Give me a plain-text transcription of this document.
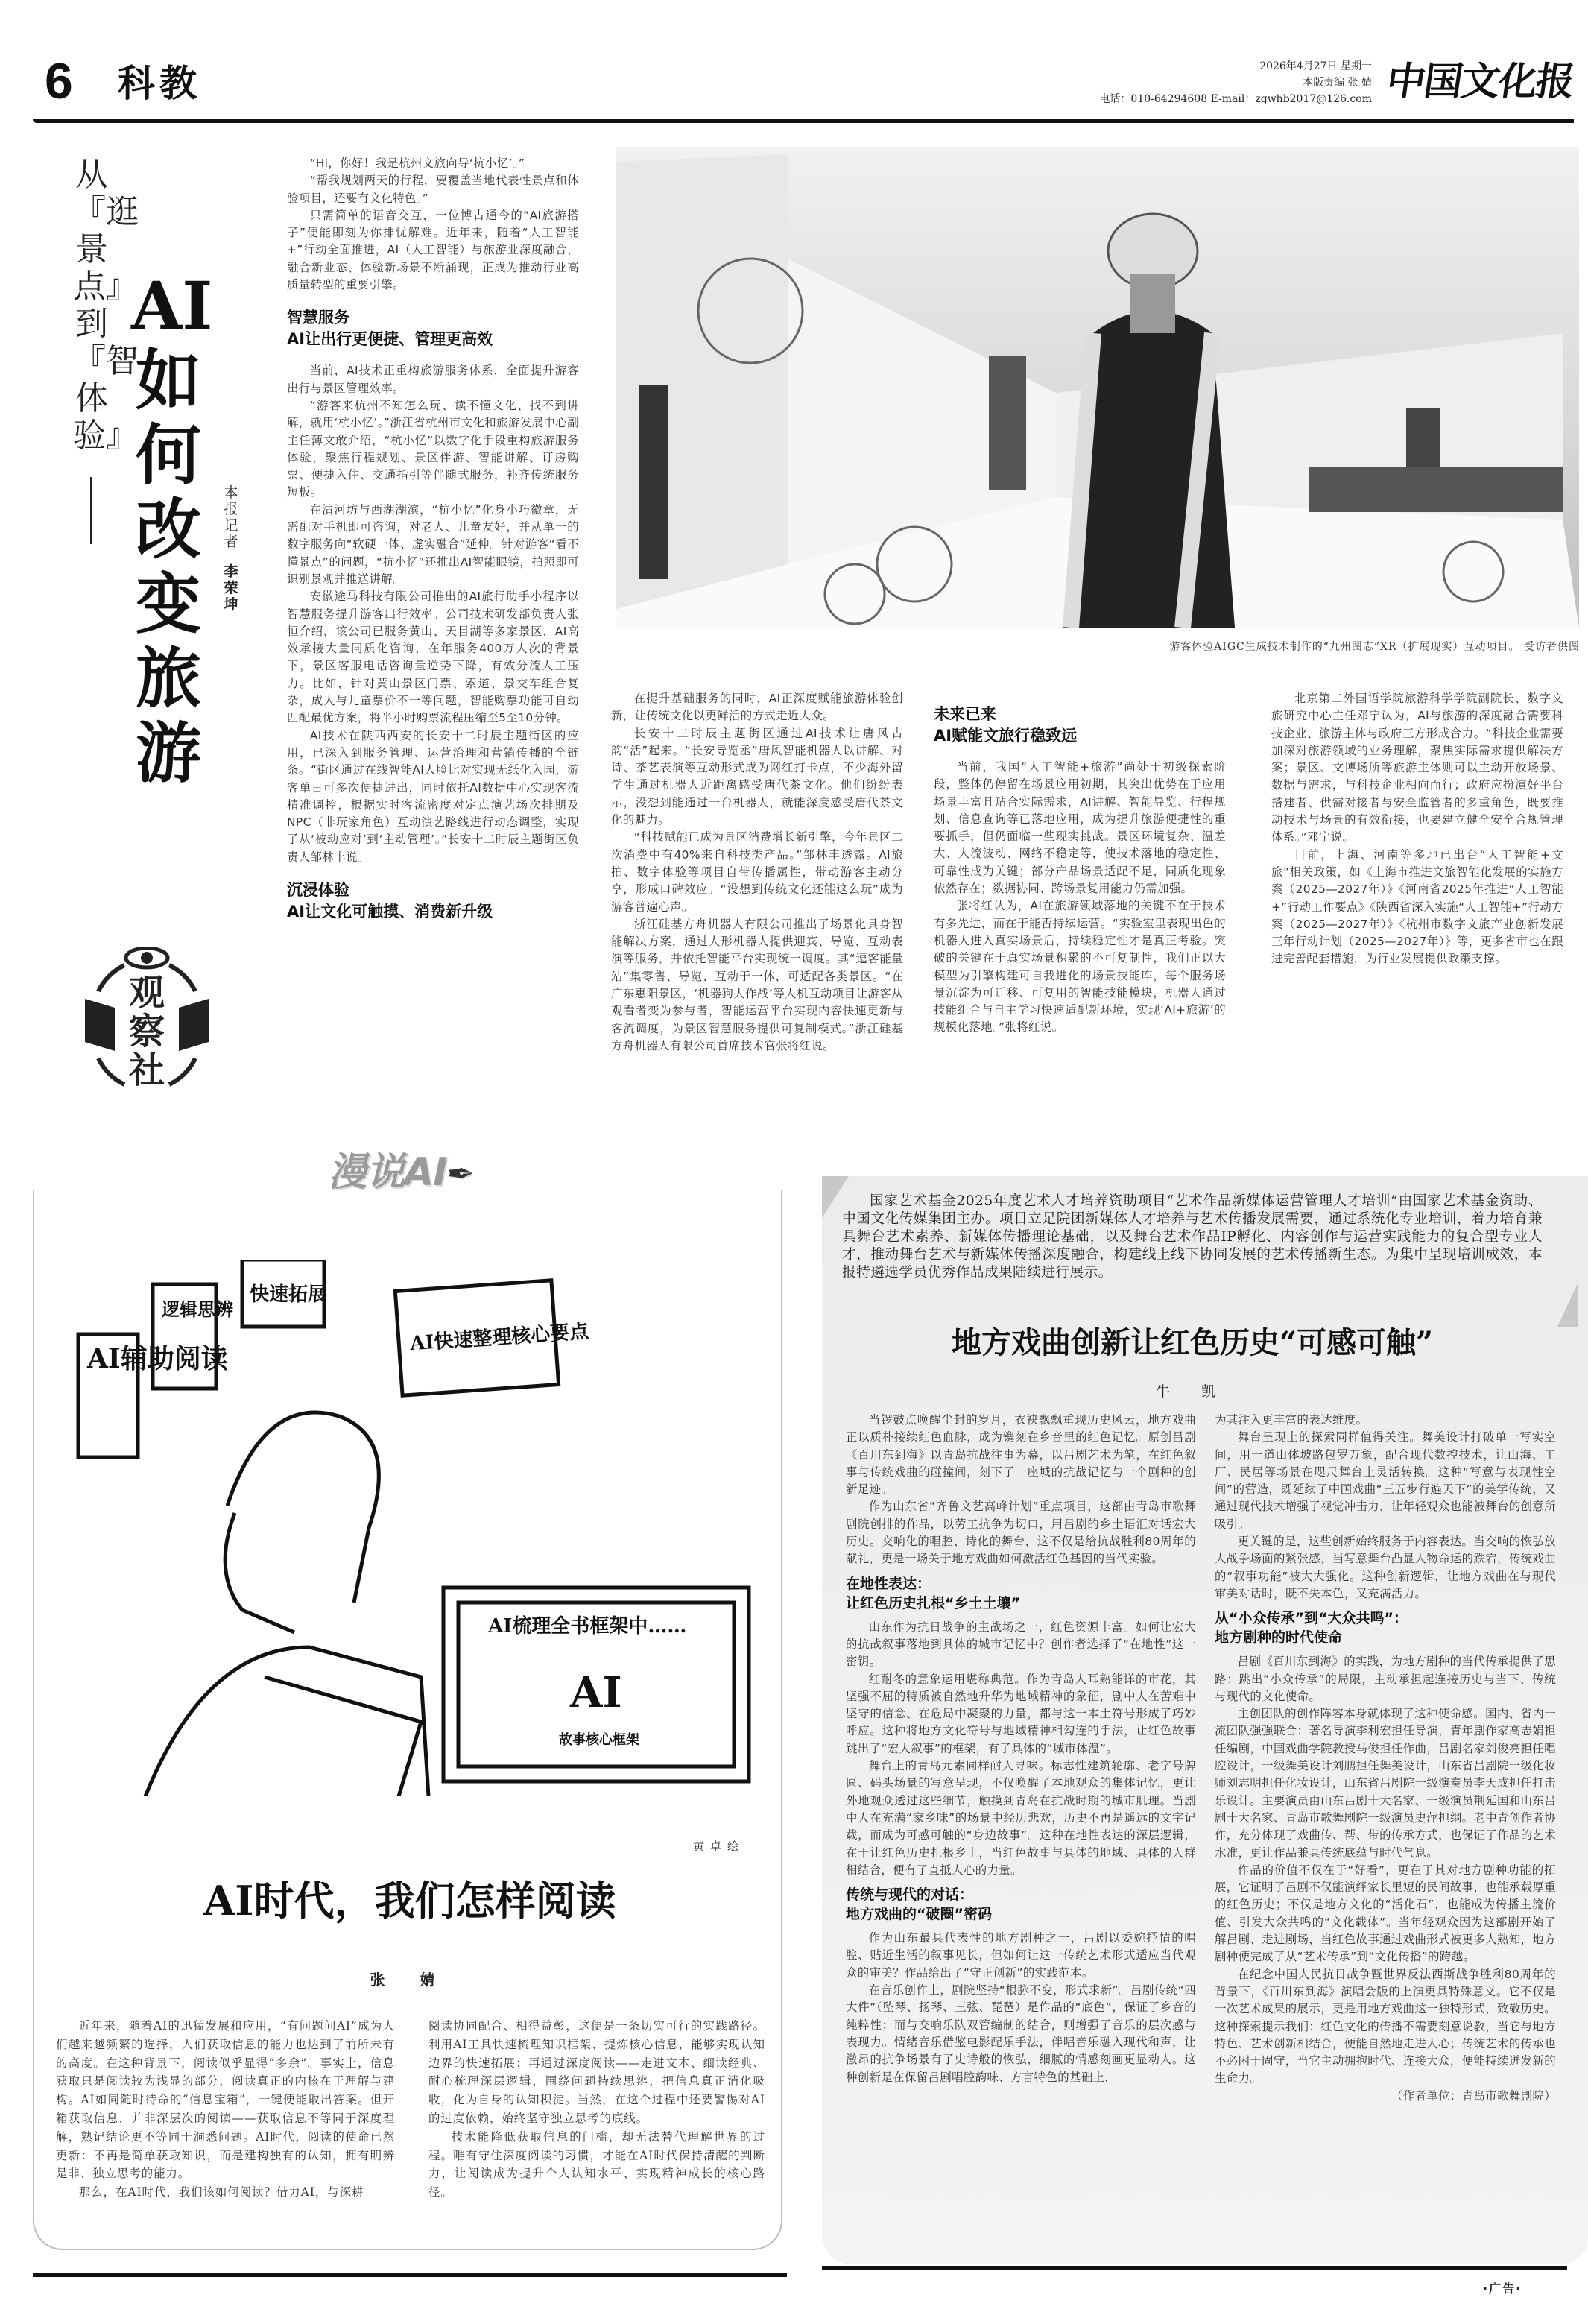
6 科教	2026年4月27日 星期一
本版责编 张 婧
电话：010-64294608 E-mail：zgwhb2017@126.com 中国文化报
从『逛景点』到『智体验』
AI如何改变旅游
本报记者
李荣坤
观察社

“Hi，你好！我是杭州文旅向导‘杭小忆’。”

“帮我规划两天的行程，要覆盖当地代表性景点和体验项目，还要有文化特色。”

只需简单的语音交互，一位博古通今的“AI旅游搭子”便能即刻为你排忧解难。近年来，随着“人工智能+”行动全面推进，AI（人工智能）与旅游业深度融合，融合新业态、体验新场景不断涌现，正成为推动行业高质量转型的重要引擎。

智慧服务
AI让出行更便捷、管理更高效

当前，AI技术正重构旅游服务体系，全面提升游客出行与景区管理效率。

“游客来杭州不知怎么玩、读不懂文化、找不到讲解，就用‘杭小忆’。”浙江省杭州市文化和旅游发展中心副主任薄文敢介绍，“杭小忆”以数字化手段重构旅游服务体验，聚焦行程规划、景区伴游、智能讲解、订房购票、便捷入住、交通指引等伴随式服务，补齐传统服务短板。

在清河坊与西湖湖滨，“杭小忆”化身小巧徽章，无需配对手机即可咨询，对老人、儿童友好，并从单一的数字服务向“软硬一体、虚实融合”延伸。针对游客“看不懂景点”的问题，“杭小忆”还推出AI智能眼镜，拍照即可识别景观并推送讲解。

安徽途马科技有限公司推出的AI旅行助手小程序以智慧服务提升游客出行效率。公司技术研发部负责人张恒介绍，该公司已服务黄山、天目湖等多家景区，AI高效承接大量同质化咨询，在年服务400万人次的背景下，景区客服电话咨询量逆势下降，有效分流人工压力。比如，针对黄山景区门票、索道、景交车组合复杂，成人与儿童票价不一等问题，智能购票功能可自动匹配最优方案，将半小时购票流程压缩至5至10分钟。

AI技术在陕西西安的长安十二时辰主题街区的应用，已深入到服务管理、运营治理和营销传播的全链条。“街区通过在线智能AI人脸比对实现无纸化入园，游客单日可多次便捷进出，同时依托AI数据中心实现客流精准调控，根据实时客流密度对定点演艺场次排期及NPC（非玩家角色）互动演艺路线进行动态调整，实现了从‘被动应对’到‘主动管理’。”长安十二时辰主题街区负责人邹林丰说。

沉浸体验
AI让文化可触摸、消费新升级
游客体验AIGC生成技术制作的“九州图志”XR（扩展现实）互动项目。 受访者供图

在提升基础服务的同时，AI正深度赋能旅游体验创新，让传统文化以更鲜活的方式走近大众。

长安十二时辰主题街区通过AI技术让唐风古韵“活”起来。“长安导览丞”唐风智能机器人以讲解、对诗、茶艺表演等互动形式成为网红打卡点，不少海外留学生通过机器人近距离感受唐代茶文化。他们纷纷表示，没想到能通过一台机器人，就能深度感受唐代茶文化的魅力。

“科技赋能已成为景区消费增长新引擎，今年景区二次消费中有40%来自科技类产品。”邹林丰透露。AI旅拍、数字体验等项目自带传播属性，带动游客主动分享，形成口碑效应。“没想到传统文化还能这么玩”成为游客普遍心声。

浙江硅基方舟机器人有限公司推出了场景化具身智能解决方案，通过人形机器人提供迎宾、导览、互动表演等服务，并依托智能平台实现统一调度。其“逗客能量站”集零售、导览、互动于一体，可适配各类景区。“在广东惠阳景区，‘机器狗大作战’等人机互动项目让游客从观看者变为参与者，智能运营平台实现内容快速更新与客流调度，为景区智慧服务提供可复制模式。”浙江硅基方舟机器人有限公司首席技术官张将红说。

未来已来
AI赋能文旅行稳致远

当前，我国“人工智能+旅游”尚处于初级探索阶段，整体仍停留在场景应用初期，其突出优势在于应用场景丰富且贴合实际需求，AI讲解、智能导览、行程规划、信息查询等已落地应用，成为提升旅游便捷性的重要抓手，但仍面临一些现实挑战。景区环境复杂、温差大、人流波动、网络不稳定等，使技术落地的稳定性、可靠性成为关键；部分产品场景适配不足，同质化现象依然存在；数据协同、跨场景复用能力仍需加强。

张将红认为，AI在旅游领域落地的关键不在于技术有多先进，而在于能否持续运营。“实验室里表现出色的机器人进入真实场景后，持续稳定性才是真正考验。突破的关键在于真实场景积累的不可复制性，我们正以大模型为引擎构建可自我进化的场景技能库，每个服务场景沉淀为可迁移、可复用的智能技能模块，机器人通过技能组合与自主学习快速适配新环境，实现‘AI+旅游’的规模化落地。”张将红说。

北京第二外国语学院旅游科学学院副院长、数字文旅研究中心主任邓宁认为，AI与旅游的深度融合需要科技企业、旅游主体与政府三方形成合力。“科技企业需要加深对旅游领域的业务理解，聚焦实际需求提供解决方案；景区、文博场所等旅游主体则可以主动开放场景、数据与需求，与科技企业相向而行；政府应扮演好平台搭建者、供需对接者与安全监管者的多重角色，既要推动技术与场景的有效衔接，也要建立健全安全合规管理体系。”邓宁说。

目前，上海、河南等多地已出台“人工智能+文旅”相关政策，如《上海市推进文旅智能化发展的实施方案（2025—2027年）》《河南省2025年推进“人工智能+”行动工作要点》《陕西省深入实施“人工智能+”行动方案（2025—2027年）》《杭州市数字文旅产业创新发展三年行动计划（2025—2027年）》等，更多省市也在跟进完善配套措施，为行业发展提供政策支撑。

漫说AI✒
AI辅助阅读
逻辑思辨
快速拓展
AI快速整理核心要点
AI梳理全书框架中……
AI
故事核心框架
黄卓绘
AI时代，我们怎样阅读
张 婧

近年来，随着AI的迅猛发展和应用，“有问题问AI”成为人们越来越频繁的选择，人们获取信息的能力也达到了前所未有的高度。在这种背景下，阅读似乎显得“多余”。事实上，信息获取只是阅读较为浅显的部分，阅读真正的内核在于理解与建构。AI如同随时待命的“信息宝箱”，一键便能取出答案。但开箱获取信息，并非深层次的阅读——获取信息不等同于深度理解，熟记结论更不等同于洞悉问题。AI时代，阅读的使命已然更新：不再是简单获取知识，而是建构独有的认知，拥有明辨是非、独立思考的能力。

那么，在AI时代，我们该如何阅读？借力AI，与深耕

阅读协同配合、相得益彰，这便是一条切实可行的实践路径。利用AI工具快速梳理知识框架、提炼核心信息，能够实现认知边界的快速拓展；再通过深度阅读——走进文本、细读经典、耐心梳理深层逻辑，围绕问题持续思辨，把信息真正消化吸收，化为自身的认知积淀。当然，在这个过程中还要警惕对AI的过度依赖，始终坚守独立思考的底线。

技术能降低获取信息的门槛，却无法替代理解世界的过程。唯有守住深度阅读的习惯，才能在AI时代保持清醒的判断力，让阅读成为提升个人认知水平、实现精神成长的核心路径。

国家艺术基金2025年度艺术人才培养资助项目“艺术作品新媒体运营管理人才培训”由国家艺术基金资助、中国文化传媒集团主办。项目立足院团新媒体人才培养与艺术传播发展需要，通过系统化专业培训，着力培育兼具舞台艺术素养、新媒体传播理论基础，以及舞台艺术作品IP孵化、内容创作与运营实践能力的复合型专业人才，推动舞台艺术与新媒体传播深度融合，构建线上线下协同发展的艺术传播新生态。为集中呈现培训成效，本报特遴选学员优秀作品成果陆续进行展示。

地方戏曲创新让红色历史“可感可触”
牛 凯

当锣鼓点唤醒尘封的岁月，衣袂飘飘重现历史风云，地方戏曲正以质朴接续红色血脉，成为镌刻在乡音里的红色记忆。原创吕剧《百川东到海》以青岛抗战往事为幕，以吕剧艺术为笔，在红色叙事与传统戏曲的碰撞间，刻下了一座城的抗战记忆与一个剧种的创新足迹。

作为山东省“齐鲁文艺高峰计划”重点项目，这部由青岛市歌舞剧院创排的作品，以劳工抗争为切口，用吕剧的乡土语汇对话宏大历史。交响化的唱腔、诗化的舞台，这不仅是给抗战胜利80周年的献礼，更是一场关于地方戏曲如何激活红色基因的当代实验。

在地性表达：
让红色历史扎根“乡土土壤”

山东作为抗日战争的主战场之一，红色资源丰富。如何让宏大的抗战叙事落地到具体的城市记忆中？创作者选择了“在地性”这一密钥。

红耐冬的意象运用堪称典范。作为青岛人耳熟能详的市花，其坚强不屈的特质被自然地升华为地域精神的象征，剧中人在苦难中坚守的信念、在危局中凝聚的力量，都与这一本土符号形成了巧妙呼应。这种将地方文化符号与地域精神相勾连的手法，让红色故事跳出了“宏大叙事”的框架，有了具体的“城市体温”。

舞台上的青岛元素同样耐人寻味。标志性建筑轮廓、老字号牌匾、码头场景的写意呈现，不仅唤醒了本地观众的集体记忆，更让外地观众透过这些细节，触摸到青岛在抗战时期的城市肌理。当剧中人在充满“家乡味”的场景中经历悲欢，历史不再是遥远的文字记载，而成为可感可触的“身边故事”。这种在地性表达的深层逻辑，在于让红色历史扎根乡土，当红色故事与具体的地域、具体的人群相结合，便有了直抵人心的力量。

传统与现代的对话：
地方戏曲的“破圈”密码

作为山东最具代表性的地方剧种之一，吕剧以委婉抒情的唱腔、贴近生活的叙事见长，但如何让这一传统艺术形式适应当代观众的审美？作品给出了“守正创新”的实践范本。

在音乐创作上，剧院坚持“根脉不变，形式求新”。吕剧传统“四大件”（坠琴、扬琴、三弦、琵琶）是作品的“底色”，保证了乡音的纯粹性；而与交响乐队双管编制的结合，则增强了音乐的层次感与表现力。情绪音乐借鉴电影配乐手法，伴唱音乐融入现代和声，让激昂的抗争场景有了史诗般的恢弘，细腻的情感刻画更显动人。这种创新是在保留吕剧唱腔韵味、方言特色的基础上，

为其注入更丰富的表达维度。

舞台呈现上的探索同样值得关注。舞美设计打破单一写实空间，用一道山体坡路包罗万象，配合现代数控技术，让山海、工厂、民居等场景在咫尺舞台上灵活转换。这种“写意与表现性空间”的营造，既延续了中国戏曲“三五步行遍天下”的美学传统，又通过现代技术增强了视觉冲击力，让年轻观众也能被舞台的创意所吸引。

更关键的是，这些创新始终服务于内容表达。当交响的恢弘放大战争场面的紧张感，当写意舞台凸显人物命运的跌宕，传统戏曲的“叙事功能”被大大强化。这种创新逻辑，让地方戏曲在与现代审美对话时，既不失本色，又充满活力。

从“小众传承”到“大众共鸣”：
地方剧种的时代使命

吕剧《百川东到海》的实践，为地方剧种的当代传承提供了思路：跳出“小众传承”的局限，主动承担起连接历史与当下、传统与现代的文化使命。

主创团队的创作阵容本身就体现了这种使命感。国内、省内一流团队强强联合：著名导演李利宏担任导演，青年剧作家高志娟担任编剧，中国戏曲学院教授马俊担任作曲，吕剧名家刘俊亮担任唱腔设计，一级舞美设计刘鹏担任舞美设计，山东省吕剧院一级化妆师刘志明担任化妆设计，山东省吕剧院一级演奏员李天成担任打击乐设计。主要演员由山东吕剧十大名家、一级演员荆延国和山东吕剧十大名家、青岛市歌舞剧院一级演员史萍担纲。老中青创作者协作，充分体现了戏曲传、帮、带的传承方式，也保证了作品的艺术水准，更让作品兼具传统底蕴与时代气息。

作品的价值不仅在于“好看”，更在于其对地方剧种功能的拓展，它证明了吕剧不仅能演绎家长里短的民间故事，也能承载厚重的红色历史；不仅是地方文化的“活化石”，也能成为传播主流价值、引发大众共鸣的“文化载体”。当年轻观众因为这部剧开始了解吕剧、走进剧场，当红色故事通过戏曲形式被更多人熟知，地方剧种便完成了从“艺术传承”到“文化传播”的跨越。

在纪念中国人民抗日战争暨世界反法西斯战争胜利80周年的背景下，《百川东到海》演唱会版的上演更具特殊意义。它不仅是一次艺术成果的展示，更是用地方戏曲这一独特形式，致敬历史。这种探索提示我们：红色文化的传播不需要刻意说教，当它与地方特色、艺术创新相结合，便能自然地走进人心；传统艺术的传承也不必困于固守，当它主动拥抱时代、连接大众，便能持续迸发新的生命力。

（作者单位：青岛市歌舞剧院）

·广告·
